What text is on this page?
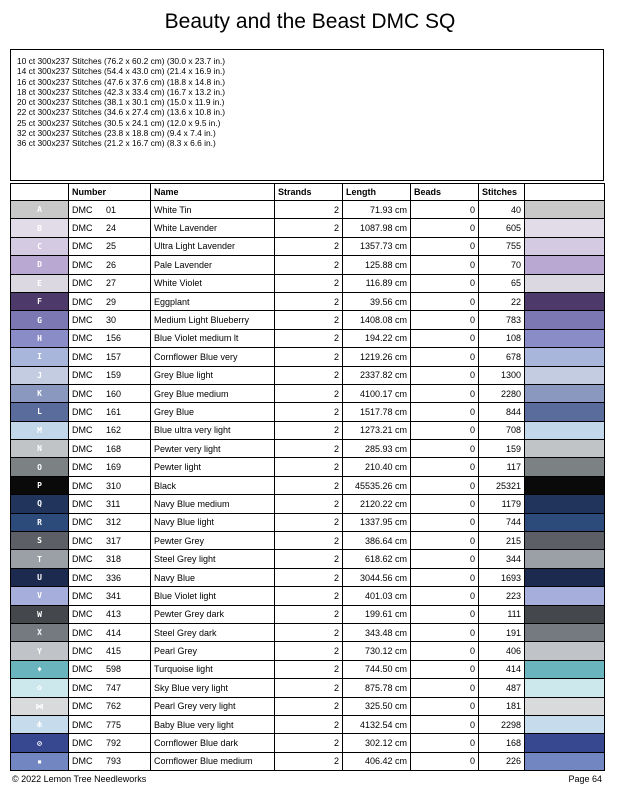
Beauty and the Beast DMC SQ
10 ct 300x237 Stitches (76.2 x 60.2 cm) (30.0 x 23.7 in.)
14 ct 300x237 Stitches (54.4 x 43.0 cm) (21.4 x 16.9 in.)
16 ct 300x237 Stitches (47.6 x 37.6 cm) (18.8 x 14.8 in.)
18 ct 300x237 Stitches (42.3 x 33.4 cm) (16.7 x 13.2 in.)
20 ct 300x237 Stitches (38.1 x 30.1 cm) (15.0 x 11.9 in.)
22 ct 300x237 Stitches (34.6 x 27.4 cm) (13.6 x 10.8 in.)
25 ct 300x237 Stitches (30.5 x 24.1 cm) (12.0 x 9.5 in.)
32 ct 300x237 Stitches (23.8 x 18.8 cm) (9.4 x 7.4 in.)
36 ct 300x237 Stitches (21.2 x 16.7 cm) (8.3 x 6.6 in.)
	Number	Name	Strands	Length	Beads	Stitches	
A	DMC 01	White Tin	2	71.93 cm	0	40	
B	DMC 24	White Lavender	2	1087.98 cm	0	605	
C	DMC 25	Ultra Light Lavender	2	1357.73 cm	0	755	
D	DMC 26	Pale Lavender	2	125.88 cm	0	70	
E	DMC 27	White Violet	2	116.89 cm	0	65	
F	DMC 29	Eggplant	2	39.56 cm	0	22	
G	DMC 30	Medium Light Blueberry	2	1408.08 cm	0	783	
H	DMC 156	Blue Violet medium lt	2	194.22 cm	0	108	
I	DMC 157	Cornflower Blue very	2	1219.26 cm	0	678	
J	DMC 159	Grey Blue light	2	2337.82 cm	0	1300	
K	DMC 160	Grey Blue medium	2	4100.17 cm	0	2280	
L	DMC 161	Grey Blue	2	1517.78 cm	0	844	
M	DMC 162	Blue ultra very light	2	1273.21 cm	0	708	
N	DMC 168	Pewter very light	2	285.93 cm	0	159	
O	DMC 169	Pewter light	2	210.40 cm	0	117	
P	DMC 310	Black	2	45535.26 cm	0	25321	
Q	DMC 311	Navy Blue medium	2	2120.22 cm	0	1179	
R	DMC 312	Navy Blue light	2	1337.95 cm	0	744	
S	DMC 317	Pewter Grey	2	386.64 cm	0	215	
T	DMC 318	Steel Grey light	2	618.62 cm	0	344	
U	DMC 336	Navy Blue	2	3044.56 cm	0	1693	
V	DMC 341	Blue Violet light	2	401.03 cm	0	223	
W	DMC 413	Pewter Grey dark	2	199.61 cm	0	111	
X	DMC 414	Steel Grey dark	2	343.48 cm	0	191	
Y	DMC 415	Pearl Grey	2	730.12 cm	0	406	
♦	DMC 598	Turquoise light	2	744.50 cm	0	414	
✿	DMC 747	Sky Blue very light	2	875.78 cm	0	487	
⋈	DMC 762	Pearl Grey very light	2	325.50 cm	0	181	
⋔	DMC 775	Baby Blue very light	2	4132.54 cm	0	2298	
⊘	DMC 792	Cornflower Blue dark	2	302.12 cm	0	168	
▪	DMC 793	Cornflower Blue medium	2	406.42 cm	0	226	
© 2022 Lemon Tree Needleworks	Page 64
